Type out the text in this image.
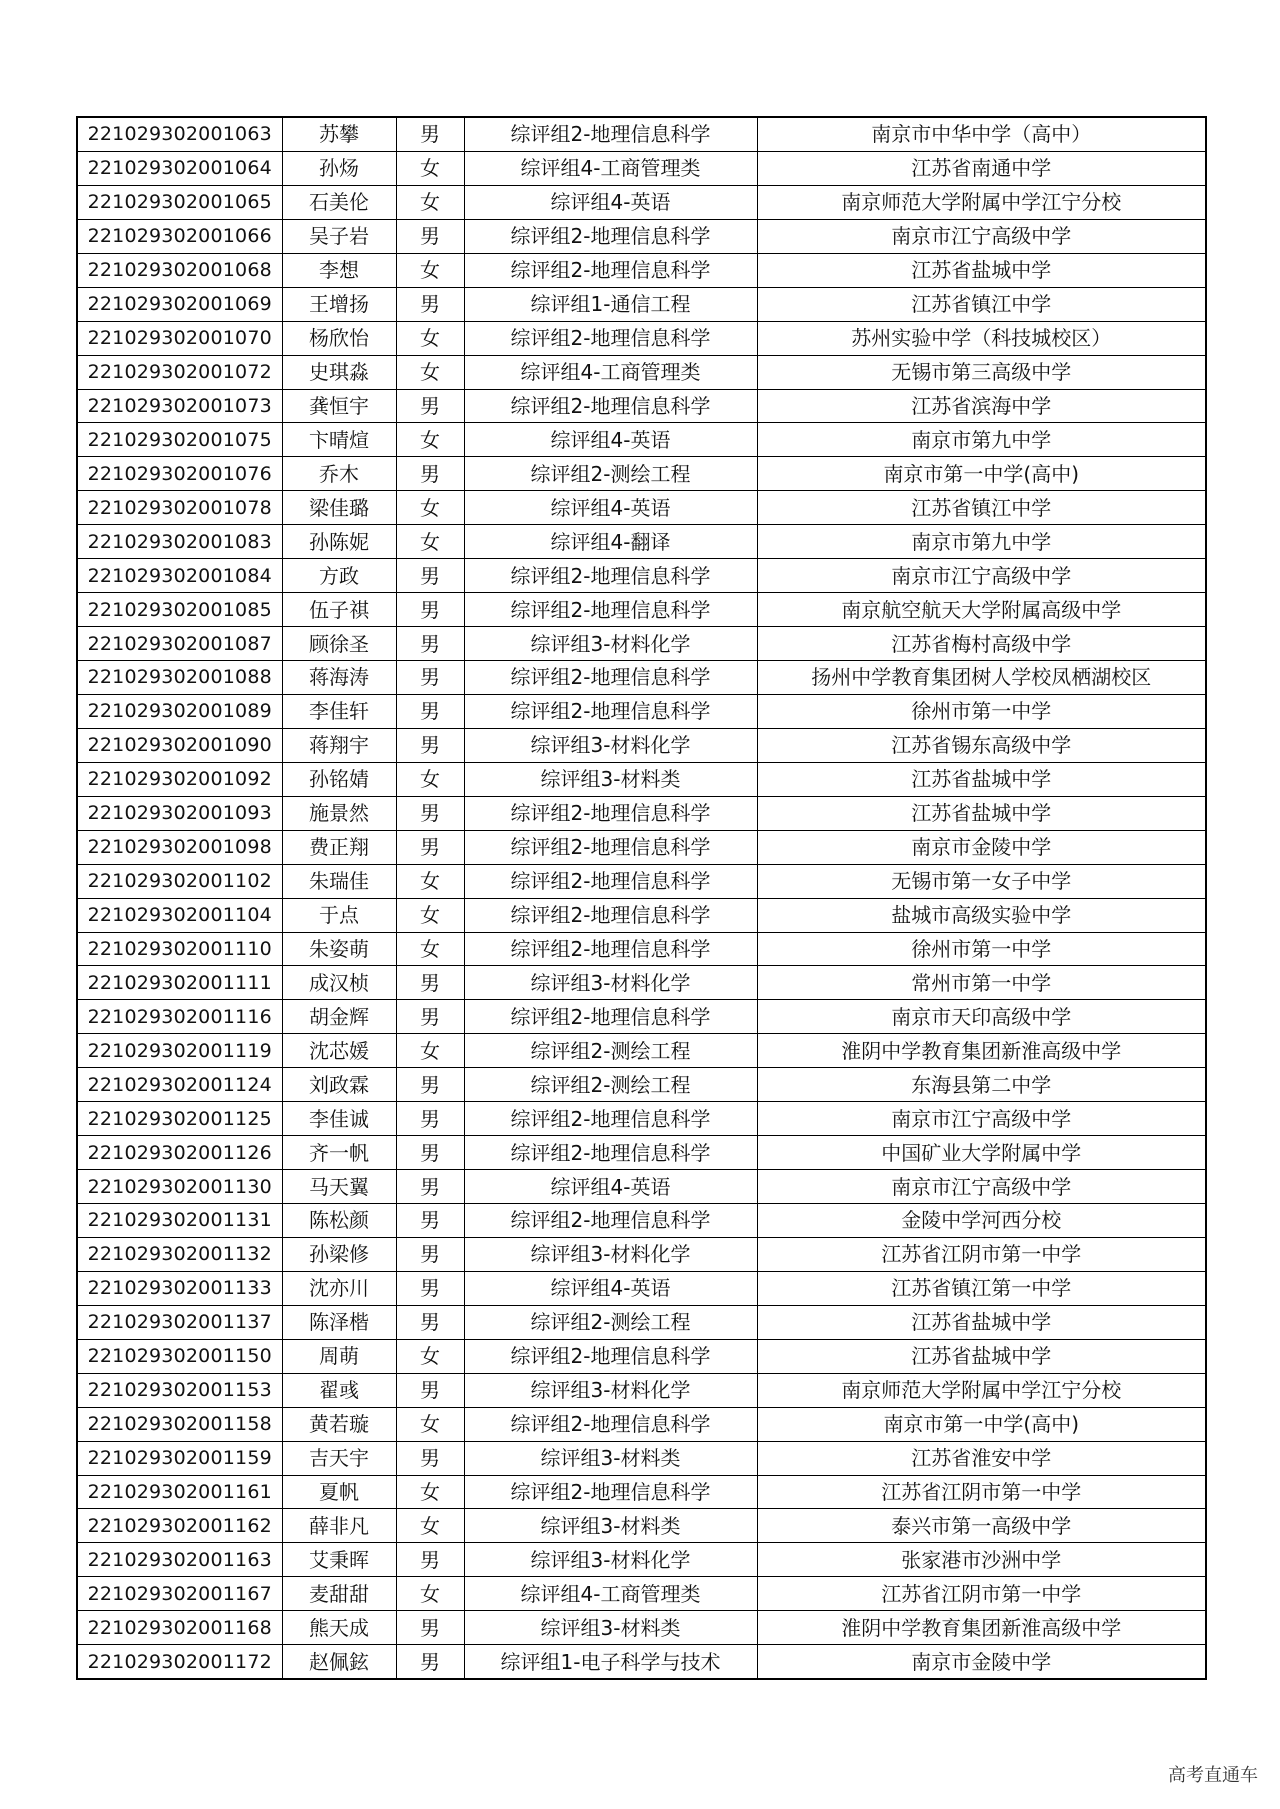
221029302001063	苏攀	男	综评组2-地理信息科学	南京市中华中学（高中）
221029302001064	孙炀	女	综评组4-工商管理类	江苏省南通中学
221029302001065	石美伦	女	综评组4-英语	南京师范大学附属中学江宁分校
221029302001066	吴子岩	男	综评组2-地理信息科学	南京市江宁高级中学
221029302001068	李想	女	综评组2-地理信息科学	江苏省盐城中学
221029302001069	王增扬	男	综评组1-通信工程	江苏省镇江中学
221029302001070	杨欣怡	女	综评组2-地理信息科学	苏州实验中学（科技城校区）
221029302001072	史琪淼	女	综评组4-工商管理类	无锡市第三高级中学
221029302001073	龚恒宇	男	综评组2-地理信息科学	江苏省滨海中学
221029302001075	卞晴煊	女	综评组4-英语	南京市第九中学
221029302001076	乔木	男	综评组2-测绘工程	南京市第一中学(高中)
221029302001078	梁佳璐	女	综评组4-英语	江苏省镇江中学
221029302001083	孙陈妮	女	综评组4-翻译	南京市第九中学
221029302001084	方政	男	综评组2-地理信息科学	南京市江宁高级中学
221029302001085	伍子祺	男	综评组2-地理信息科学	南京航空航天大学附属高级中学
221029302001087	顾徐圣	男	综评组3-材料化学	江苏省梅村高级中学
221029302001088	蒋海涛	男	综评组2-地理信息科学	扬州中学教育集团树人学校凤栖湖校区
221029302001089	李佳轩	男	综评组2-地理信息科学	徐州市第一中学
221029302001090	蒋翔宇	男	综评组3-材料化学	江苏省锡东高级中学
221029302001092	孙铭婧	女	综评组3-材料类	江苏省盐城中学
221029302001093	施景然	男	综评组2-地理信息科学	江苏省盐城中学
221029302001098	费正翔	男	综评组2-地理信息科学	南京市金陵中学
221029302001102	朱瑞佳	女	综评组2-地理信息科学	无锡市第一女子中学
221029302001104	于点	女	综评组2-地理信息科学	盐城市高级实验中学
221029302001110	朱姿萌	女	综评组2-地理信息科学	徐州市第一中学
221029302001111	成汉桢	男	综评组3-材料化学	常州市第一中学
221029302001116	胡金辉	男	综评组2-地理信息科学	南京市天印高级中学
221029302001119	沈芯媛	女	综评组2-测绘工程	淮阴中学教育集团新淮高级中学
221029302001124	刘政霖	男	综评组2-测绘工程	东海县第二中学
221029302001125	李佳诚	男	综评组2-地理信息科学	南京市江宁高级中学
221029302001126	齐一帆	男	综评组2-地理信息科学	中国矿业大学附属中学
221029302001130	马天翼	男	综评组4-英语	南京市江宁高级中学
221029302001131	陈松颜	男	综评组2-地理信息科学	金陵中学河西分校
221029302001132	孙梁修	男	综评组3-材料化学	江苏省江阴市第一中学
221029302001133	沈亦川	男	综评组4-英语	江苏省镇江第一中学
221029302001137	陈泽楷	男	综评组2-测绘工程	江苏省盐城中学
221029302001150	周萌	女	综评组2-地理信息科学	江苏省盐城中学
221029302001153	翟彧	男	综评组3-材料化学	南京师范大学附属中学江宁分校
221029302001158	黄若璇	女	综评组2-地理信息科学	南京市第一中学(高中)
221029302001159	吉天宇	男	综评组3-材料类	江苏省淮安中学
221029302001161	夏帆	女	综评组2-地理信息科学	江苏省江阴市第一中学
221029302001162	薛非凡	女	综评组3-材料类	泰兴市第一高级中学
221029302001163	艾秉晖	男	综评组3-材料化学	张家港市沙洲中学
221029302001167	麦甜甜	女	综评组4-工商管理类	江苏省江阴市第一中学
221029302001168	熊天成	男	综评组3-材料类	淮阴中学教育集团新淮高级中学
221029302001172	赵佩鉉	男	综评组1-电子科学与技术	南京市金陵中学
高考直通车
